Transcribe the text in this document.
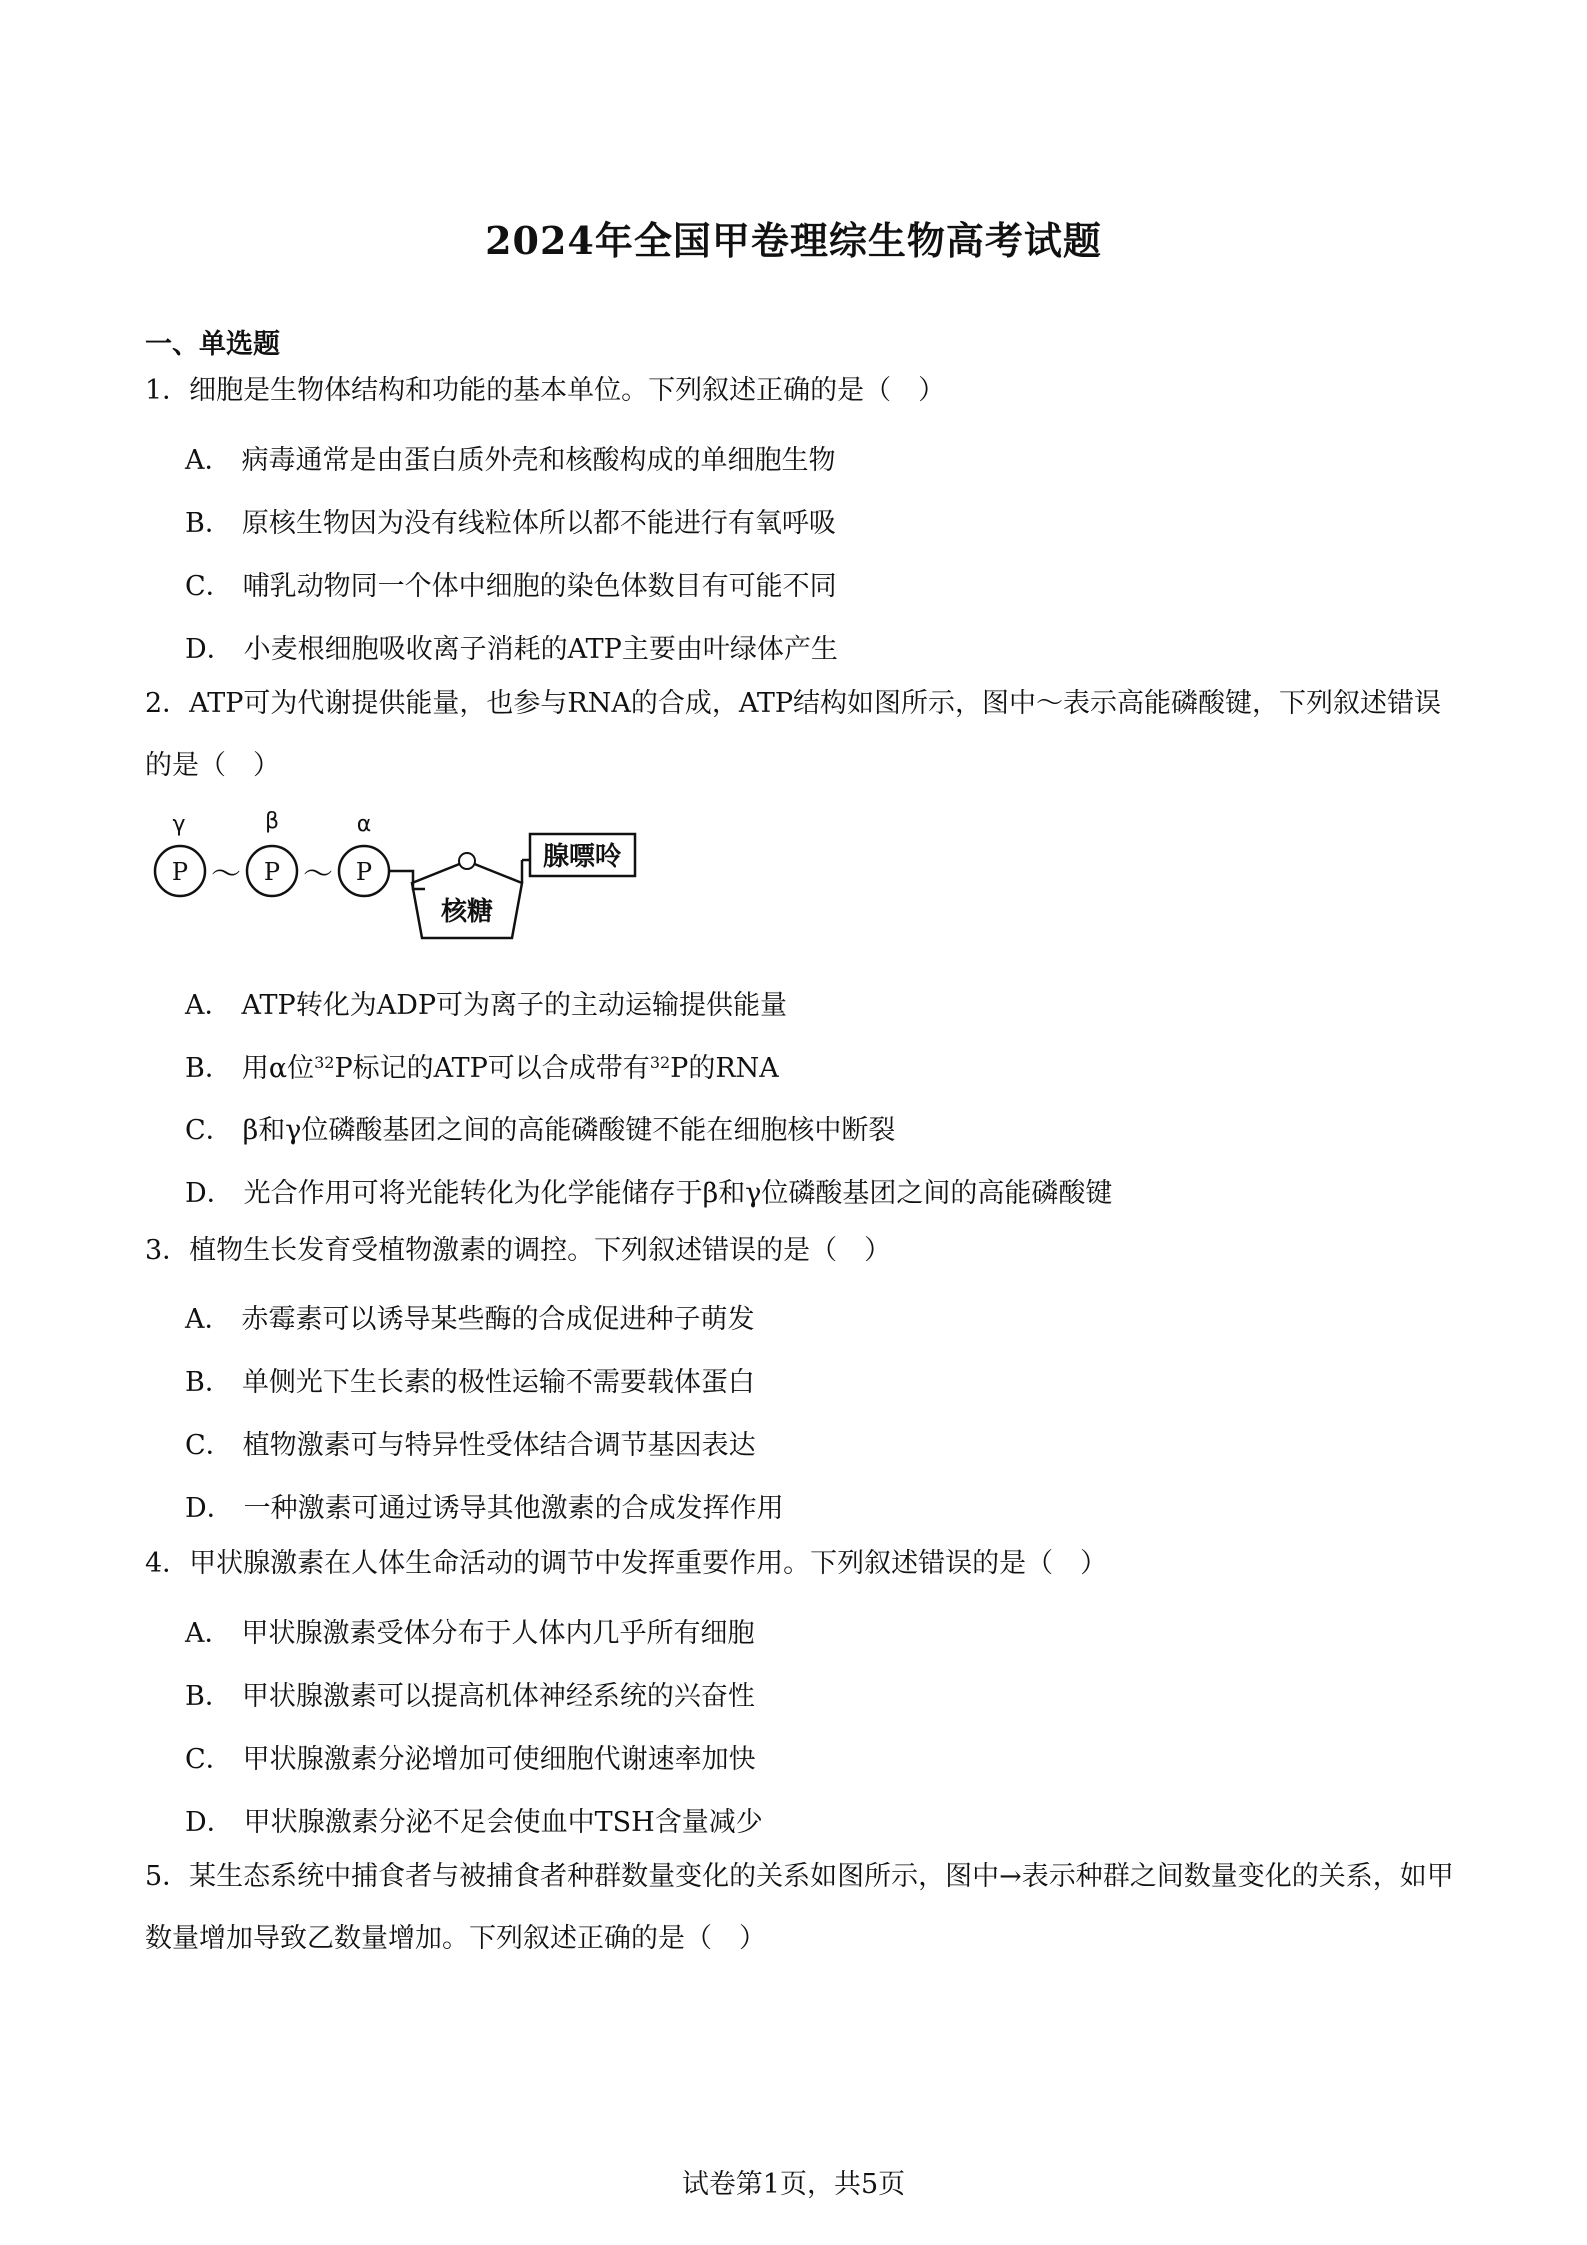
2024年全国甲卷理综生物高考试题
一、单选题
1．细胞是生物体结构和功能的基本单位。下列叙述正确的是（　）
A． 病毒通常是由蛋白质外壳和核酸构成的单细胞生物
B． 原核生物因为没有线粒体所以都不能进行有氧呼吸
C． 哺乳动物同一个体中细胞的染色体数目有可能不同
D． 小麦根细胞吸收离子消耗的ATP主要由叶绿体产生
2．ATP可为代谢提供能量，也参与RNA的合成，ATP结构如图所示，图中～表示高能磷酸键，下列叙述错误的是（　）
γ	β	α
P	P	P
～ ～
核糖
腺嘌呤
A． ATP转化为ADP可为离子的主动运输提供能量
B． 用α位$^{32}$P标记的ATP可以合成带有$^{32}$P的RNA
C． β和γ位磷酸基团之间的高能磷酸键不能在细胞核中断裂
D． 光合作用可将光能转化为化学能储存于β和γ位磷酸基团之间的高能磷酸键
3．植物生长发育受植物激素的调控。下列叙述错误的是（　）
A． 赤霉素可以诱导某些酶的合成促进种子萌发
B． 单侧光下生长素的极性运输不需要载体蛋白
C． 植物激素可与特异性受体结合调节基因表达
D． 一种激素可通过诱导其他激素的合成发挥作用
4．甲状腺激素在人体生命活动的调节中发挥重要作用。下列叙述错误的是（　）
A． 甲状腺激素受体分布于人体内几乎所有细胞
B． 甲状腺激素可以提高机体神经系统的兴奋性
C． 甲状腺激素分泌增加可使细胞代谢速率加快
D． 甲状腺激素分泌不足会使血中TSH含量减少
5．某生态系统中捕食者与被捕食者种群数量变化的关系如图所示，图中→表示种群之间数量变化的关系，如甲数量增加导致乙数量增加。下列叙述正确的是（　）
试卷第1页，共5页
